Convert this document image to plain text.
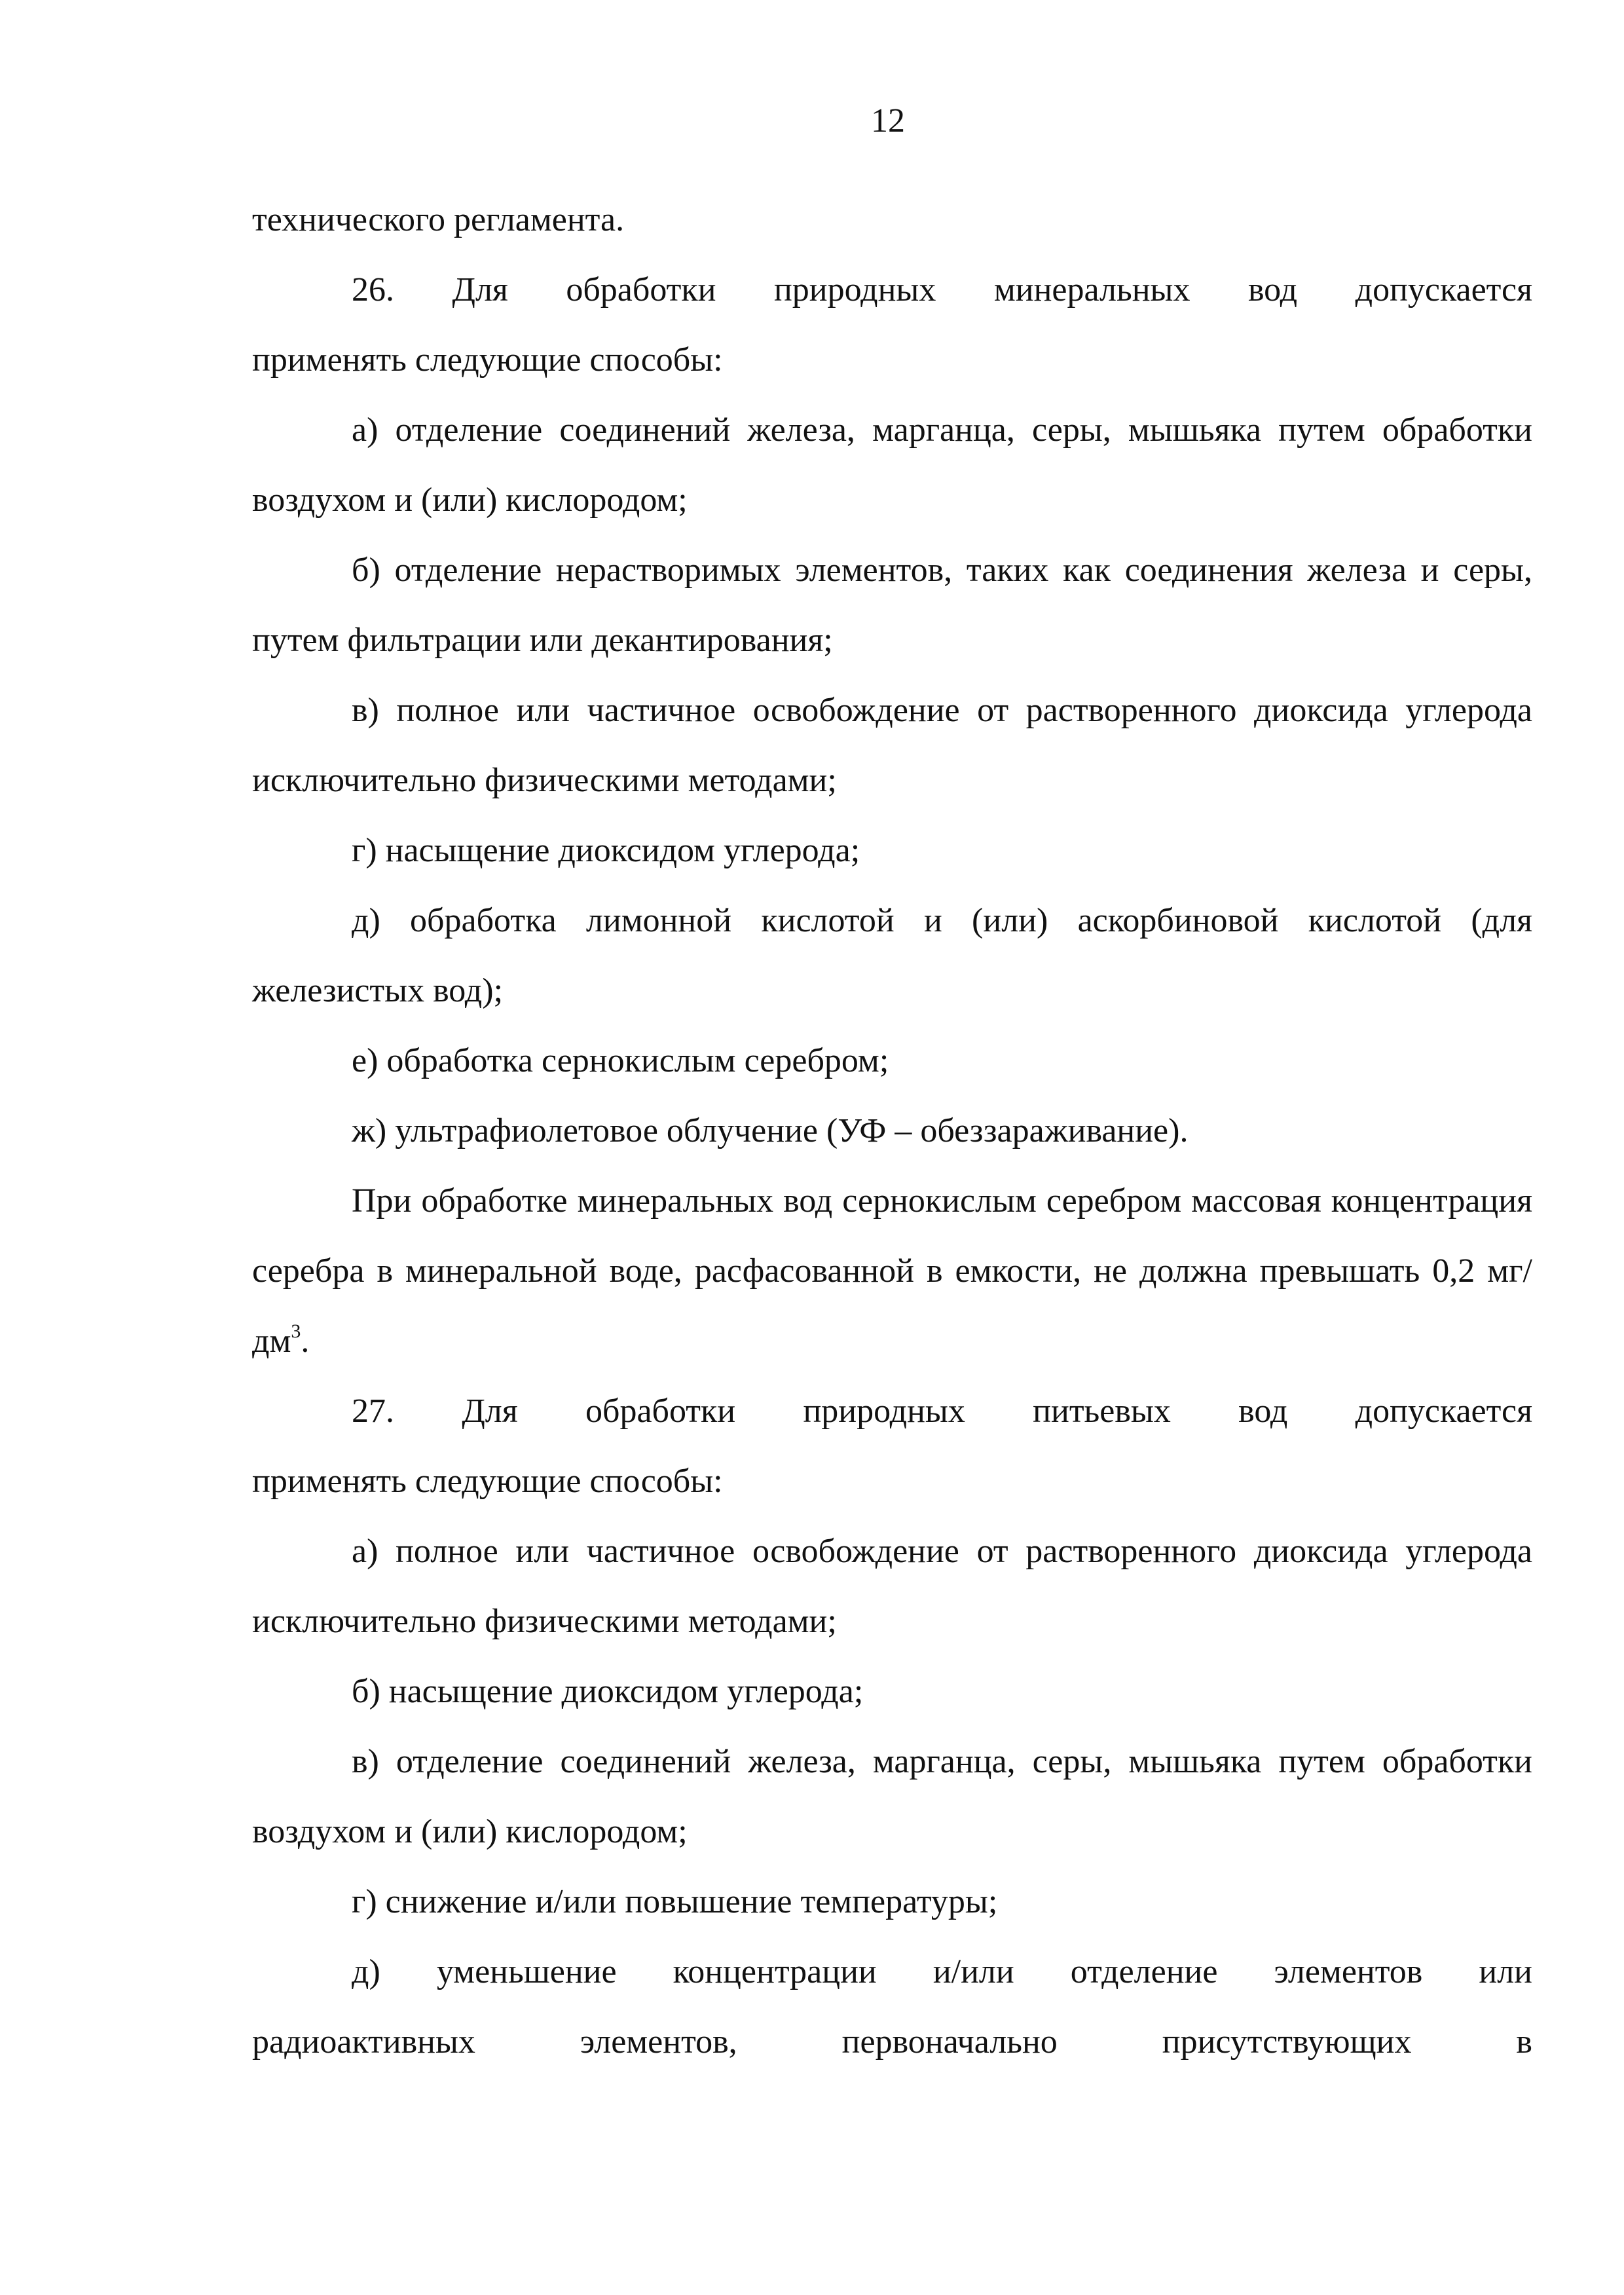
12

технического регламента.

26. Для обработки природных минеральных вод допускается

применять следующие способы:

а) отделение соединений железа, марганца, серы, мышьяка путем обработки воздухом и (или) кислородом;

б) отделение нерастворимых элементов, таких как соединения железа и серы, путем фильтрации или декантирования;

в) полное или частичное освобождение от растворенного диоксида углерода исключительно физическими методами;

г) насыщение диоксидом углерода;

д) обработка лимонной кислотой и (или) аскорбиновой кислотой (для железистых вод);

е) обработка сернокислым серебром;

ж) ультрафиолетовое облучение (УФ – обеззараживание).

При обработке минеральных вод сернокислым серебром массовая концентрация серебра в минеральной воде, расфасованной в емкости, не должна превышать 0,2 $мг/дм^3$.

27. Для обработки природных питьевых вод допускается

применять следующие способы:

а) полное или частичное освобождение от растворенного диоксида углерода исключительно физическими методами;

б) насыщение диоксидом углерода;

в) отделение соединений железа, марганца, серы, мышьяка путем обработки воздухом и (или) кислородом;

г) снижение и/или повышение температуры;

д) уменьшение концентрации и/или отделение элементов или

радиоактивных элементов, первоначально присутствующих в
